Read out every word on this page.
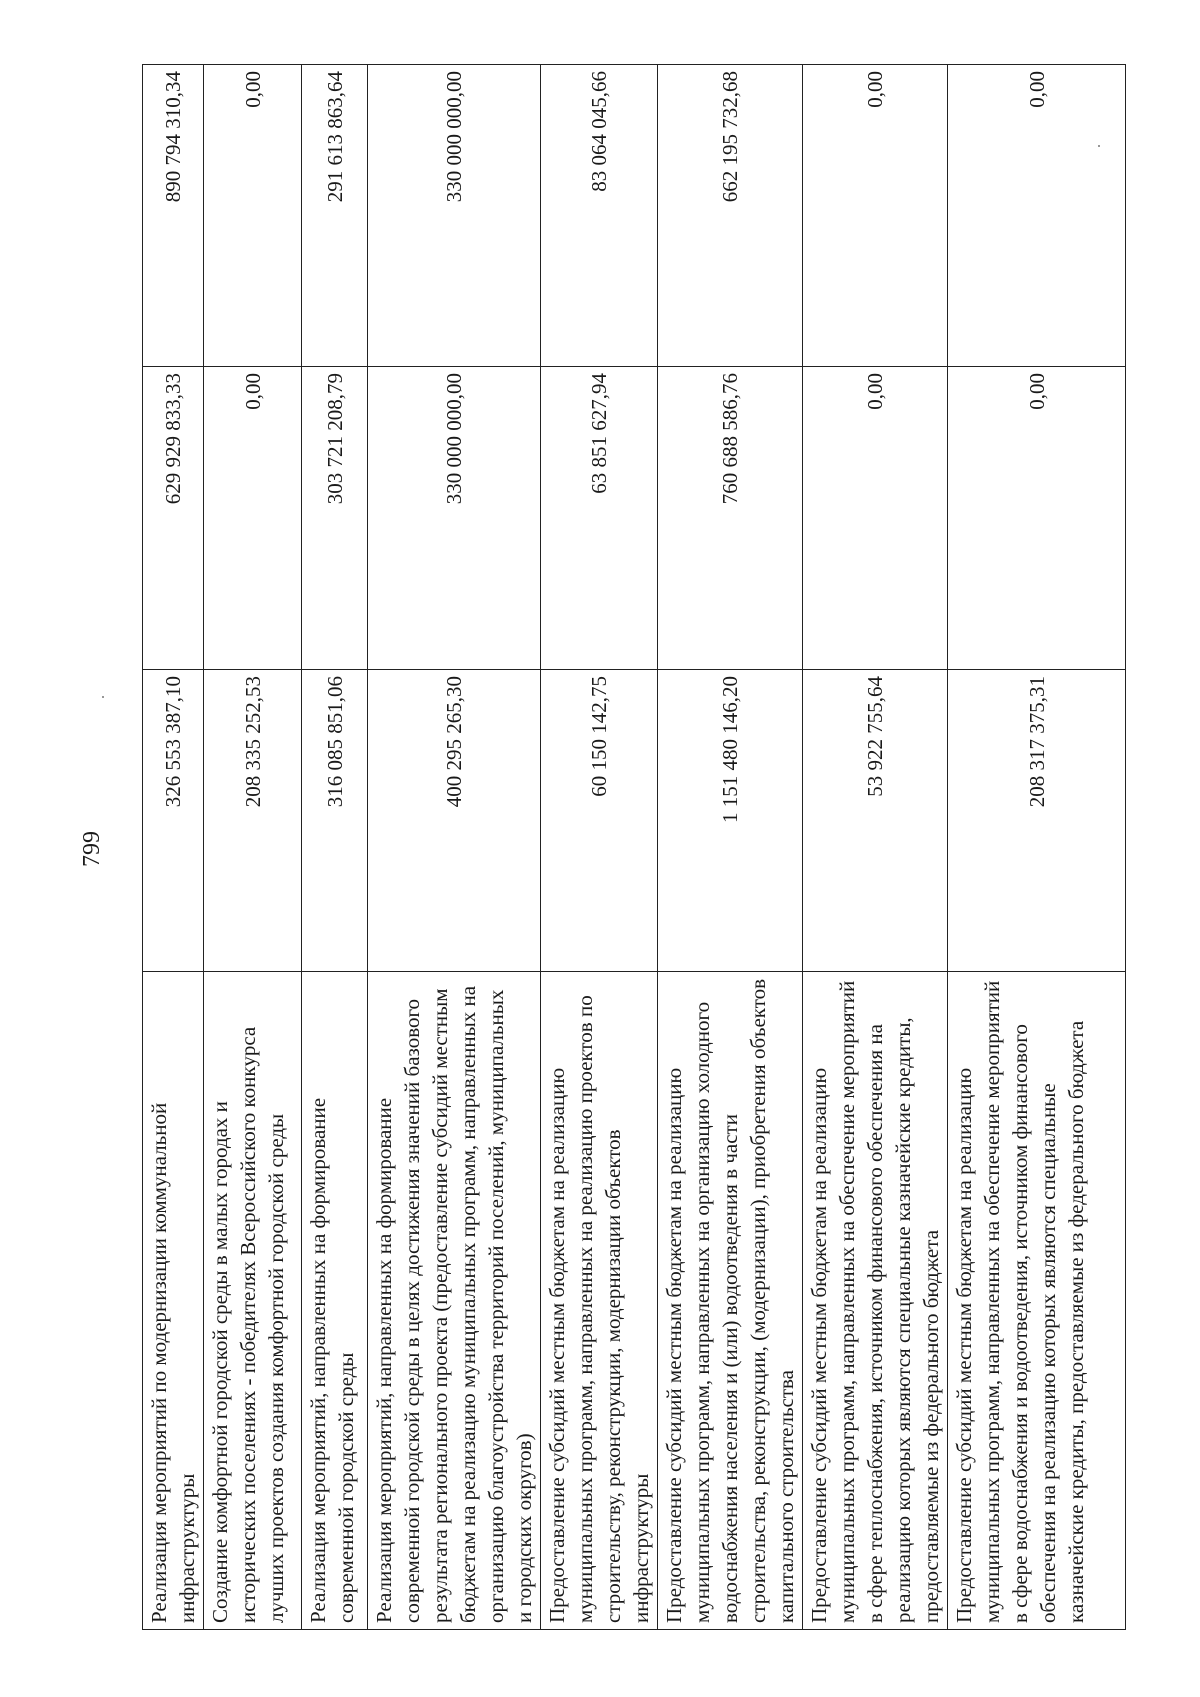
799
Реализация мероприятий по модернизации коммунальной инфраструктуры	326 553 387,10	629 929 833,33	890 794 310,34
Создание комфортной городской среды в малых городах и исторических поселениях - победителях Всероссийского конкурса лучших проектов создания комфортной городской среды	208 335 252,53	0,00	0,00
Реализация мероприятий, направленных на формирование современной городской среды	316 085 851,06	303 721 208,79	291 613 863,64
Реализация мероприятий, направленных на формирование современной городской среды в целях достижения значений базового результата регионального проекта (предоставление субсидий местным бюджетам на реализацию муниципальных программ, направленных на организацию благоустройства территорий поселений, муниципальных и городских округов)	400 295 265,30	330 000 000,00	330 000 000,00
Предоставление субсидий местным бюджетам на реализацию муниципальных программ, направленных на реализацию проектов по строительству, реконструкции, модернизации объектов инфраструктуры	60 150 142,75	63 851 627,94	83 064 045,66
Предоставление субсидий местным бюджетам на реализацию муниципальных программ, направленных на организацию холодного водоснабжения населения и (или) водоотведения в части строительства, реконструкции, (модернизации), приобретения объектов капитального строительства	1 151 480 146,20	760 688 586,76	662 195 732,68
Предоставление субсидий местным бюджетам на реализацию муниципальных программ, направленных на обеспечение мероприятий в сфере теплоснабжения, источником финансового обеспечения на реализацию которых являются специальные казначейские кредиты, предоставляемые из федерального бюджета	53 922 755,64	0,00	0,00
Предоставление субсидий местным бюджетам на реализацию муниципальных программ, направленных на обеспечение мероприятий в сфере водоснабжения и водоотведения, источником финансового обеспечения на реализацию которых являются специальные казначейские кредиты, предоставляемые из федерального бюджета	208 317 375,31	0,00	0,00
